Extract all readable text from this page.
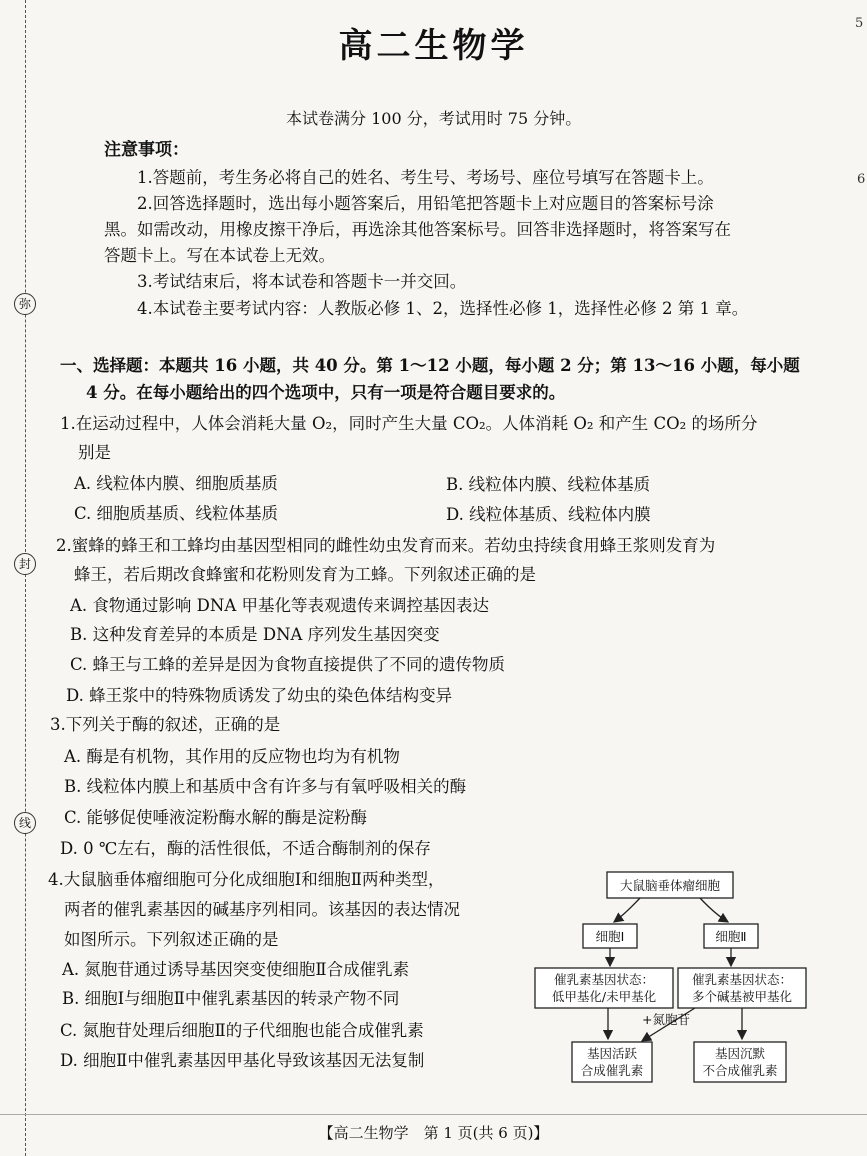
弥
封
线
5
6
高二生物学
本试卷满分 100 分，考试用时 75 分钟。
注意事项：
1.答题前，考生务必将自己的姓名、考生号、考场号、座位号填写在答题卡上。
2.回答选择题时，选出每小题答案后，用铅笔把答题卡上对应题目的答案标号涂
黑。如需改动，用橡皮擦干净后，再选涂其他答案标号。回答非选择题时，将答案写在
答题卡上。写在本试卷上无效。
3.考试结束后，将本试卷和答题卡一并交回。
4.本试卷主要考试内容：人教版必修 1、2，选择性必修 1，选择性必修 2 第 1 章。
一、选择题：本题共 16 小题，共 40 分。第 1～12 小题，每小题 2 分；第 13～16 小题，每小题
4 分。在每小题给出的四个选项中，只有一项是符合题目要求的。
1.在运动过程中，人体会消耗大量 O₂，同时产生大量 CO₂。人体消耗 O₂ 和产生 CO₂ 的场所分
别是
A. 线粒体内膜、细胞质基质	B. 线粒体内膜、线粒体基质
C. 细胞质基质、线粒体基质	D. 线粒体基质、线粒体内膜
2.蜜蜂的蜂王和工蜂均由基因型相同的雌性幼虫发育而来。若幼虫持续食用蜂王浆则发育为
蜂王，若后期改食蜂蜜和花粉则发育为工蜂。下列叙述正确的是
A. 食物通过影响 DNA 甲基化等表观遗传来调控基因表达
B. 这种发育差异的本质是 DNA 序列发生基因突变
C. 蜂王与工蜂的差异是因为食物直接提供了不同的遗传物质
D. 蜂王浆中的特殊物质诱发了幼虫的染色体结构变异
3.下列关于酶的叙述，正确的是
A. 酶是有机物，其作用的反应物也均为有机物
B. 线粒体内膜上和基质中含有许多与有氧呼吸相关的酶
C. 能够促使唾液淀粉酶水解的酶是淀粉酶
D. 0 ℃左右，酶的活性很低，不适合酶制剂的保存
4.大鼠脑垂体瘤细胞可分化成细胞Ⅰ和细胞Ⅱ两种类型，
两者的催乳素基因的碱基序列相同。该基因的表达情况
如图所示。下列叙述正确的是
A. 氮胞苷通过诱导基因突变使细胞Ⅱ合成催乳素
B. 细胞Ⅰ与细胞Ⅱ中催乳素基因的转录产物不同
C. 氮胞苷处理后细胞Ⅱ的子代细胞也能合成催乳素
D. 细胞Ⅱ中催乳素基因甲基化导致该基因无法复制
大鼠脑垂体瘤细胞
细胞Ⅰ	细胞Ⅱ
催乳素基因状态：
低甲基化/未甲基化
催乳素基因状态：
多个碱基被甲基化
+氮胞苷
基因活跃
合成催乳素
基因沉默
不合成催乳素
【高二生物学　第 1 页(共 6 页)】
